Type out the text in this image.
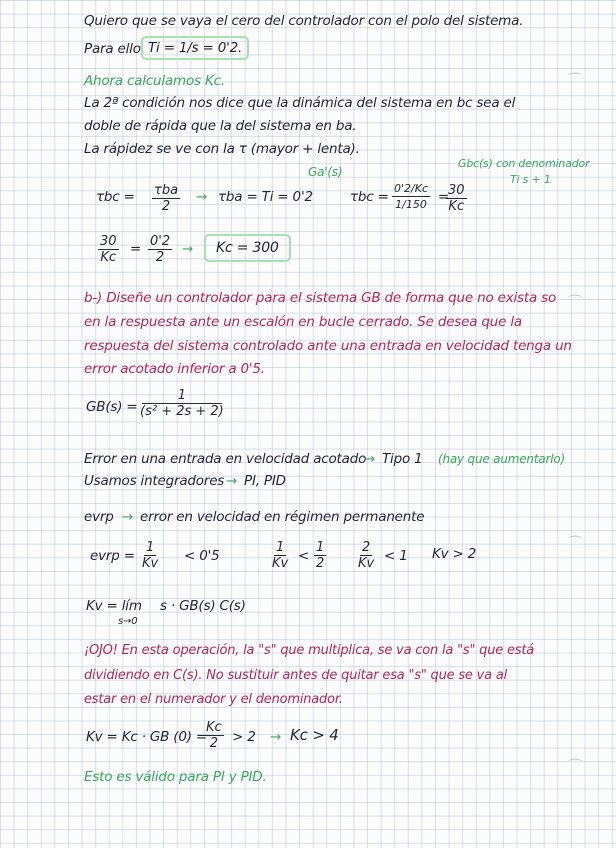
⌒
⌒
⌒
⌒
Quiero que se vaya el cero del controlador con el polo del sistema.
Para ello, Ti = 1/s = 0'2.
Ahora calculamos Kc.
La 2ª condición nos dice que la dinámica del sistema en bc sea el
doble de rápida que la del sistema en ba.
La rápidez se ve con la τ (mayor + lenta).
Ga'(s)
Gbc(s) con denominador
Ti s + 1
τbc = τba
2
→ τba = Ti = 0'2	$\tau bc = \frac{0'2/Kc}{1/150}$ =
$\frac{30}{Kc}$
$\frac{30}{Kc} = \frac{0'2}{2}$ →	Kc = 300
b-) Diseñe un controlador para el sistema GB de forma que no exista so
en la respuesta ante un escalón en bucle cerrado. Se desea que la
respuesta del sistema controlado ante una entrada en velocidad tenga un
error acotado inferior a 0'5.
$GB(s) = \frac{1}{\text{(s² + 2s + 2)}}$
Error en una entrada en velocidad acotado
→ Tipo 1 (hay que aumentarlo)
Usamos integradores → PI, PID
evrp → error en velocidad en régimen permanente
evrp = $\frac{1}{Kv} < 0'5$	$\frac{1}{Kv} < \frac{1}{2} \frac{2}{Kv} < 1$ Kv > 2
Kv = lím
s→0
s · GB(s) C(s)
¡OJO! En esta operación, la "s" que multiplica, se va con la "s" que está
dividiendo en C(s). No sustituir antes de quitar esa "s" que se va al
estar en el numerador y el denominador.
Kv = Kc · GB (0) =
$\frac{Kc}{2} > 2 \to Kc > 4$
Esto es válido para PI y PID.
